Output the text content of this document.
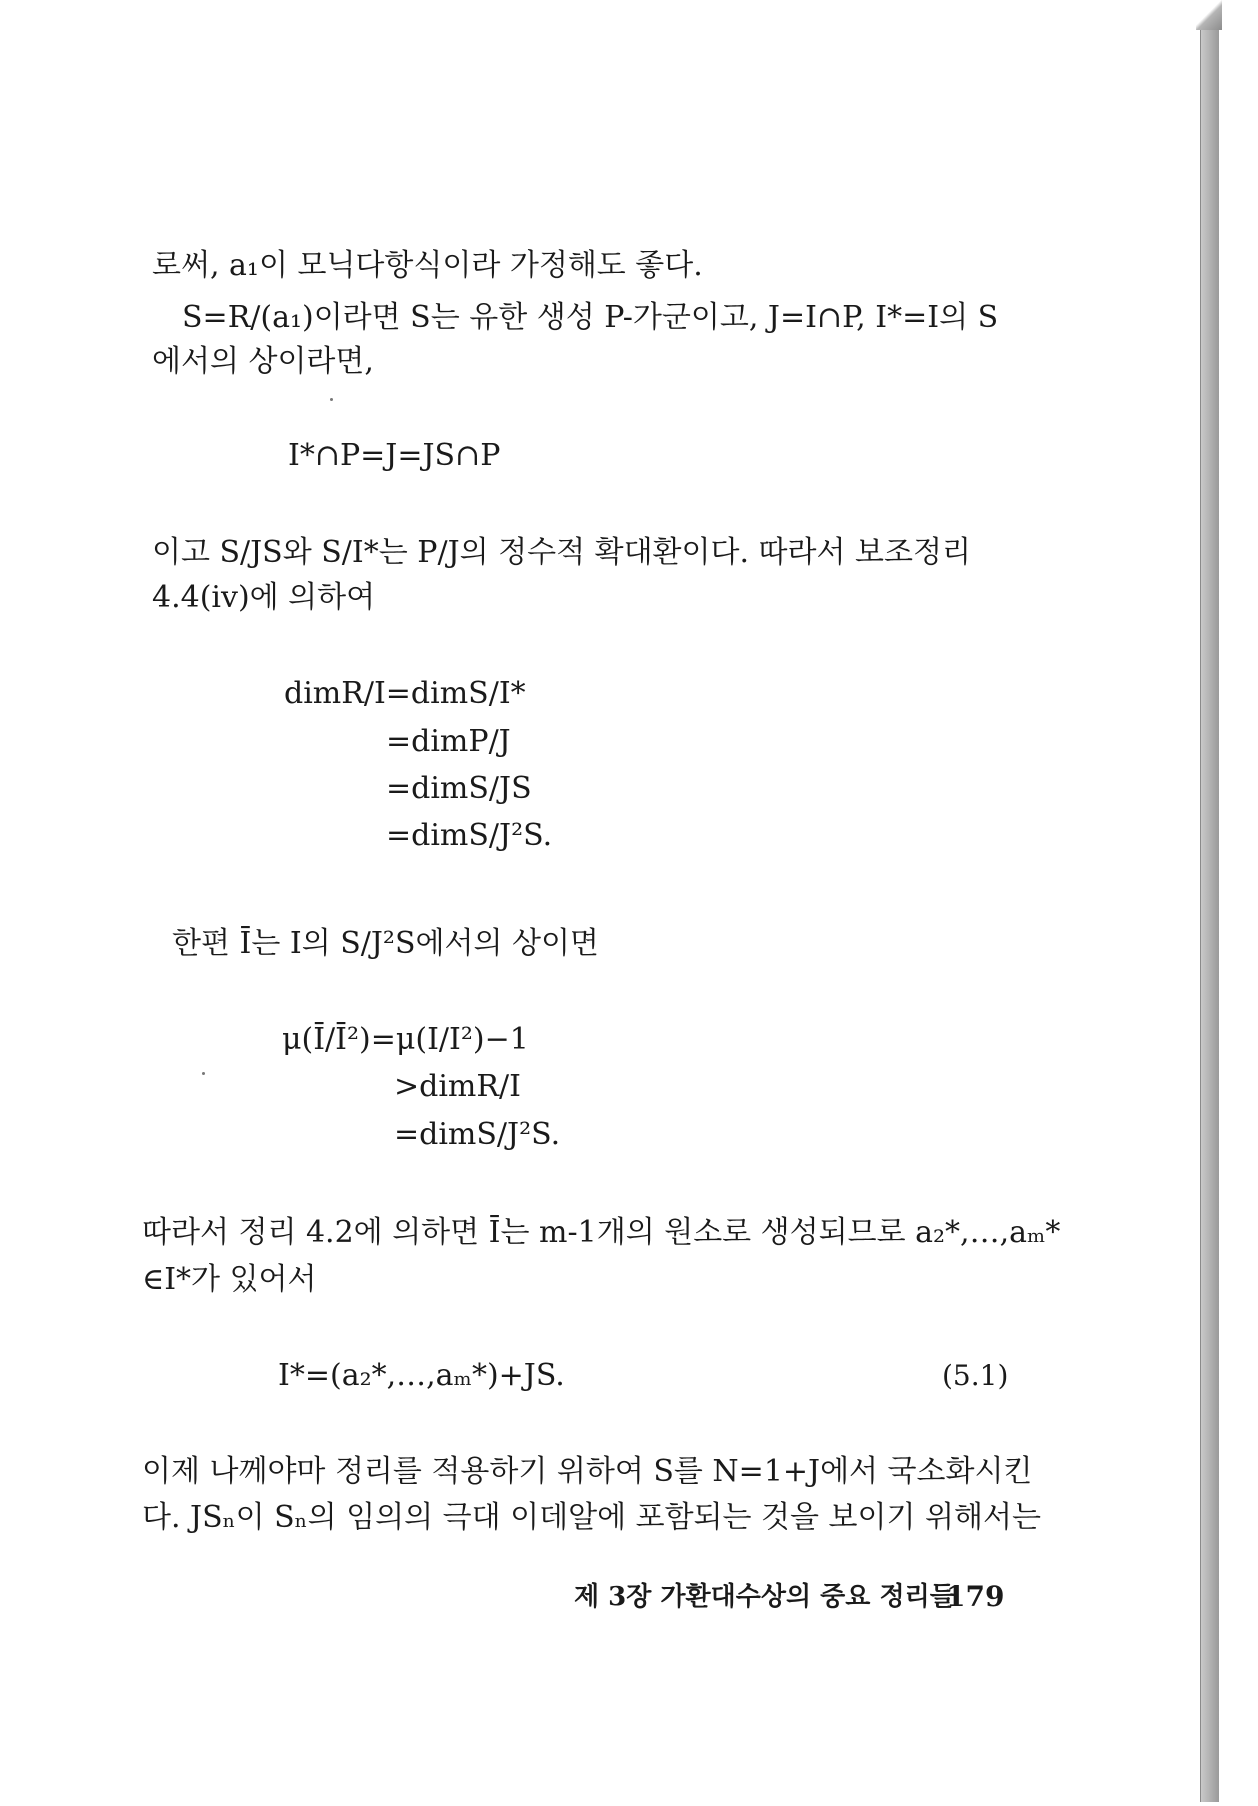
로써, a₁이 모닉다항식이라 가정해도 좋다.
S=R/(a₁)이라면 S는 유한 생성 P-가군이고, J=I∩P, I*=I의 S
에서의 상이라면,
I*∩P=J=JS∩P
이고 S/JS와 S/I*는 P/J의 정수적 확대환이다. 따라서 보조정리
4.4(iv)에 의하여
dimR/I=dimS/I*
=dimP/J
=dimS/JS
=dimS/J²S.
한편 Ī는 I의 S/J²S에서의 상이면
μ(Ī/Ī²)=μ(I/I²)−1
>dimR/I
=dimS/J²S.
따라서 정리 4.2에 의하면 Ī는 m-1개의 원소로 생성되므로 a₂*,…,aₘ*
∈I*가 있어서
I*=(a₂*,…,aₘ*)+JS.	(5.1)
이제 나께야마 정리를 적용하기 위하여 S를 N=1+J에서 국소화시킨
다. JSₙ이 Sₙ의 임의의 극대 이데알에 포함되는 것을 보이기 위해서는
제 3장 가환대수상의 중요 정리들
179
